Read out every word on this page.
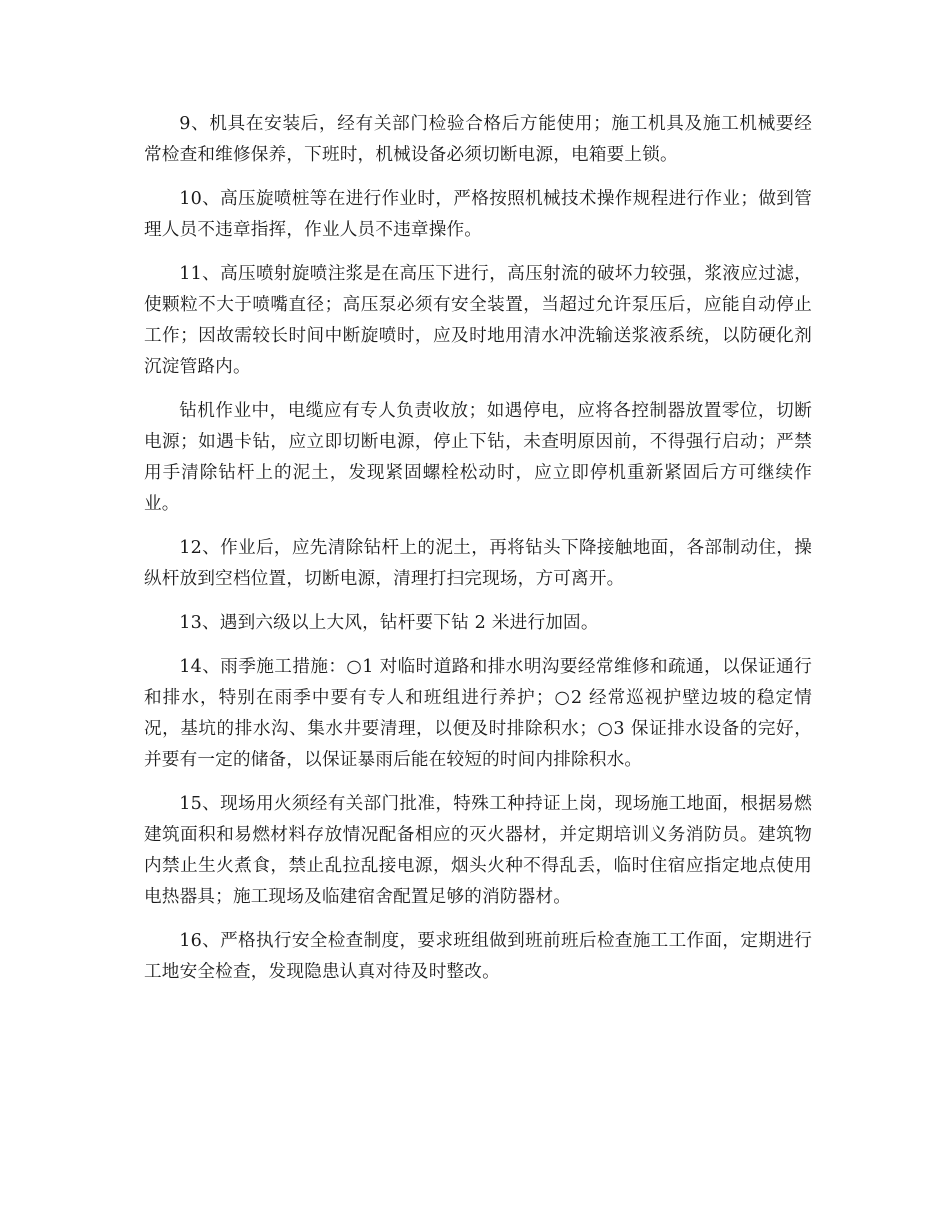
9、机具在安装后，经有关部门检验合格后方能使用；施工机具及施工机械要经常检查和维修保养，下班时，机械设备必须切断电源，电箱要上锁。

10、高压旋喷桩等在进行作业时，严格按照机械技术操作规程进行作业；做到管理人员不违章指挥，作业人员不违章操作。

11、高压喷射旋喷注浆是在高压下进行，高压射流的破坏力较强，浆液应过滤，使颗粒不大于喷嘴直径；高压泵必须有安全装置，当超过允许泵压后，应能自动停止工作；因故需较长时间中断旋喷时，应及时地用清水冲洗输送浆液系统，以防硬化剂沉淀管路内。

钻机作业中，电缆应有专人负责收放；如遇停电，应将各控制器放置零位，切断电源；如遇卡钻，应立即切断电源，停止下钻，未查明原因前，不得强行启动；严禁用手清除钻杆上的泥土，发现紧固螺栓松动时，应立即停机重新紧固后方可继续作业。

12、作业后，应先清除钻杆上的泥土，再将钻头下降接触地面，各部制动住，操纵杆放到空档位置，切断电源，清理打扫完现场，方可离开。

13、遇到六级以上大风，钻杆要下钻 2 米进行加固。

14、雨季施工措施：○1 对临时道路和排水明沟要经常维修和疏通，以保证通行和排水，特别在雨季中要有专人和班组进行养护；○2 经常巡视护壁边坡的稳定情况，基坑的排水沟、集水井要清理，以便及时排除积水；○3 保证排水设备的完好，并要有一定的储备，以保证暴雨后能在较短的时间内排除积水。

15、现场用火须经有关部门批准，特殊工种持证上岗，现场施工地面，根据易燃建筑面积和易燃材料存放情况配备相应的灭火器材，并定期培训义务消防员。建筑物内禁止生火煮食，禁止乱拉乱接电源，烟头火种不得乱丢，临时住宿应指定地点使用电热器具；施工现场及临建宿舍配置足够的消防器材。

16、严格执行安全检查制度，要求班组做到班前班后检查施工工作面，定期进行工地安全检查，发现隐患认真对待及时整改。
